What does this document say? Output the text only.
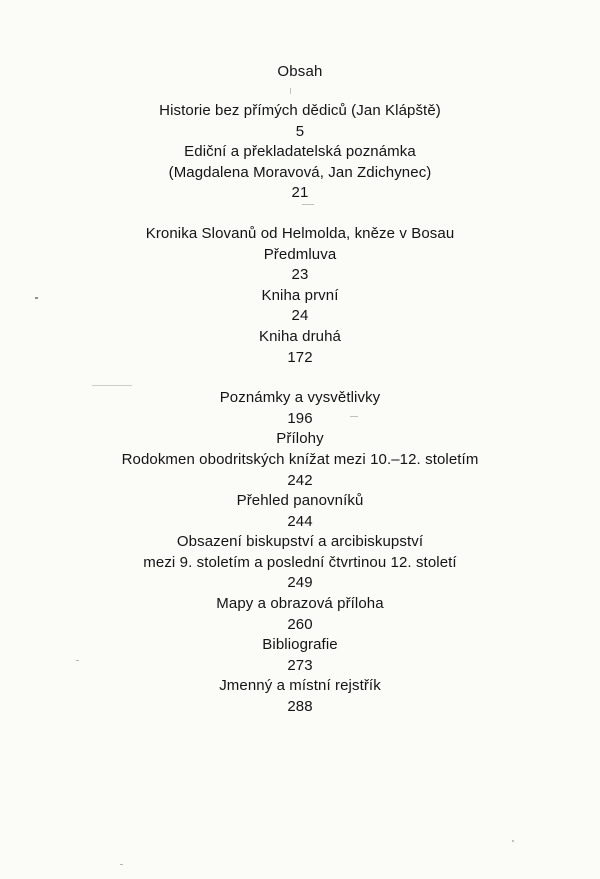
Obsah
Historie bez přímých dědiců (Jan Klápště)
5
Ediční a překladatelská poznámka
(Magdalena Moravová, Jan Zdichynec)
21
Kronika Slovanů od Helmolda, kněze v Bosau
Předmluva
23
Kniha první
24
Kniha druhá
172
Poznámky a vysvětlivky
196
Přílohy
Rodokmen obodritských knížat mezi 10.–12. stoletím
242
Přehled panovníků
244
Obsazení biskupství a arcibiskupství
mezi 9. stoletím a poslední čtvrtinou 12. století
249
Mapy a obrazová příloha
260
Bibliografie
273
Jmenný a místní rejstřík
288
